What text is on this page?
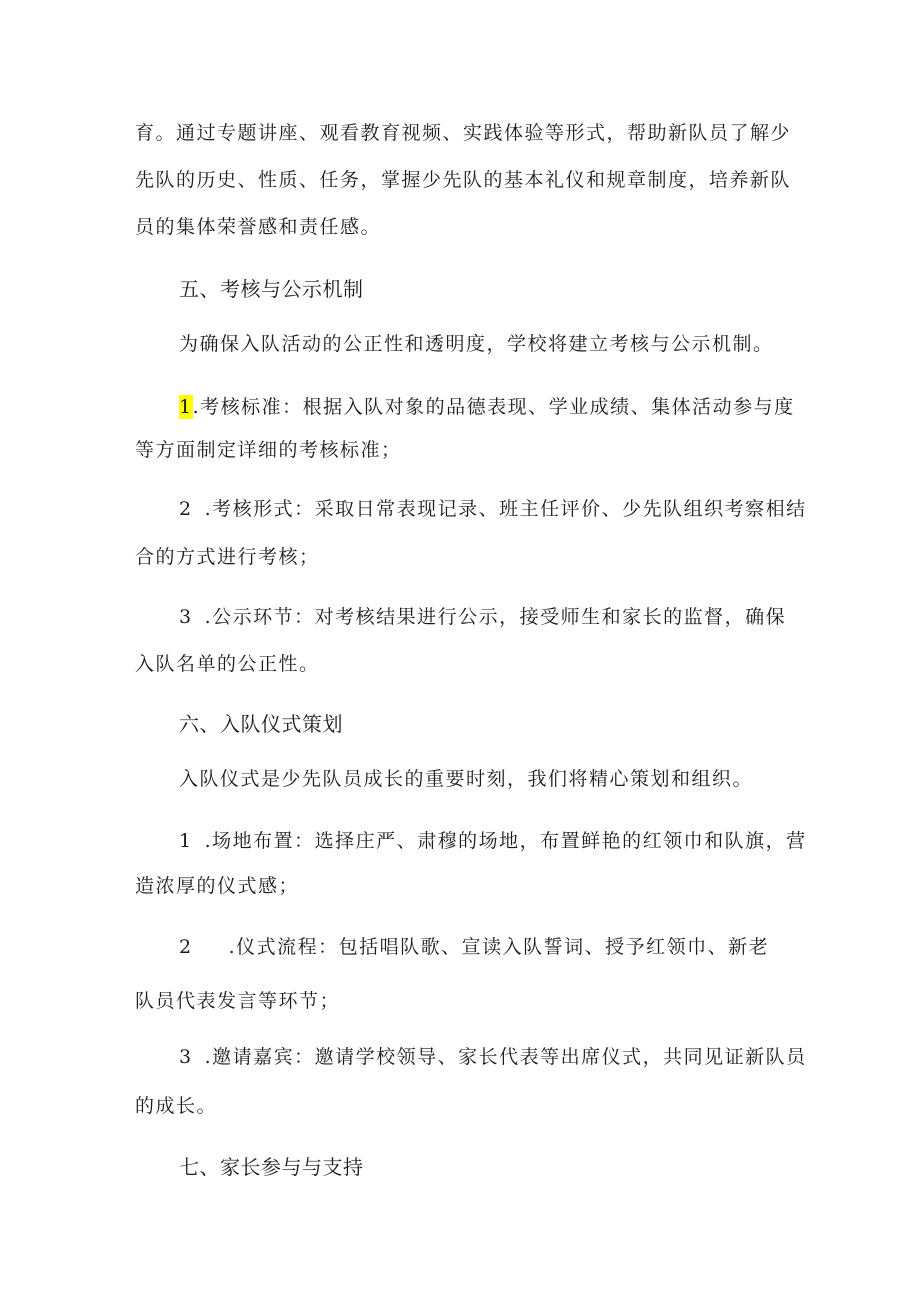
育。通过专题讲座、观看教育视频、实践体验等形式，帮助新队员了解少
先队的历史、性质、任务，掌握少先队的基本礼仪和规章制度，培养新队
员的集体荣誉感和责任感。
五、考核与公示机制
为确保入队活动的公正性和透明度，学校将建立考核与公示机制。
1.考核标准：根据入队对象的品德表现、学业成绩、集体活动参与度
等方面制定详细的考核标准；
2 .考核形式：采取日常表现记录、班主任评价、少先队组织考察相结
合的方式进行考核；
3 .公示环节：对考核结果进行公示，接受师生和家长的监督，确保
入队名单的公正性。
六、入队仪式策划
入队仪式是少先队员成长的重要时刻，我们将精心策划和组织。
1 .场地布置：选择庄严、肃穆的场地，布置鲜艳的红领巾和队旗，营
造浓厚的仪式感；
2 .仪式流程：包括唱队歌、宣读入队誓词、授予红领巾、新老
队员代表发言等环节；
3 .邀请嘉宾：邀请学校领导、家长代表等出席仪式，共同见证新队员
的成长。
七、家长参与与支持
